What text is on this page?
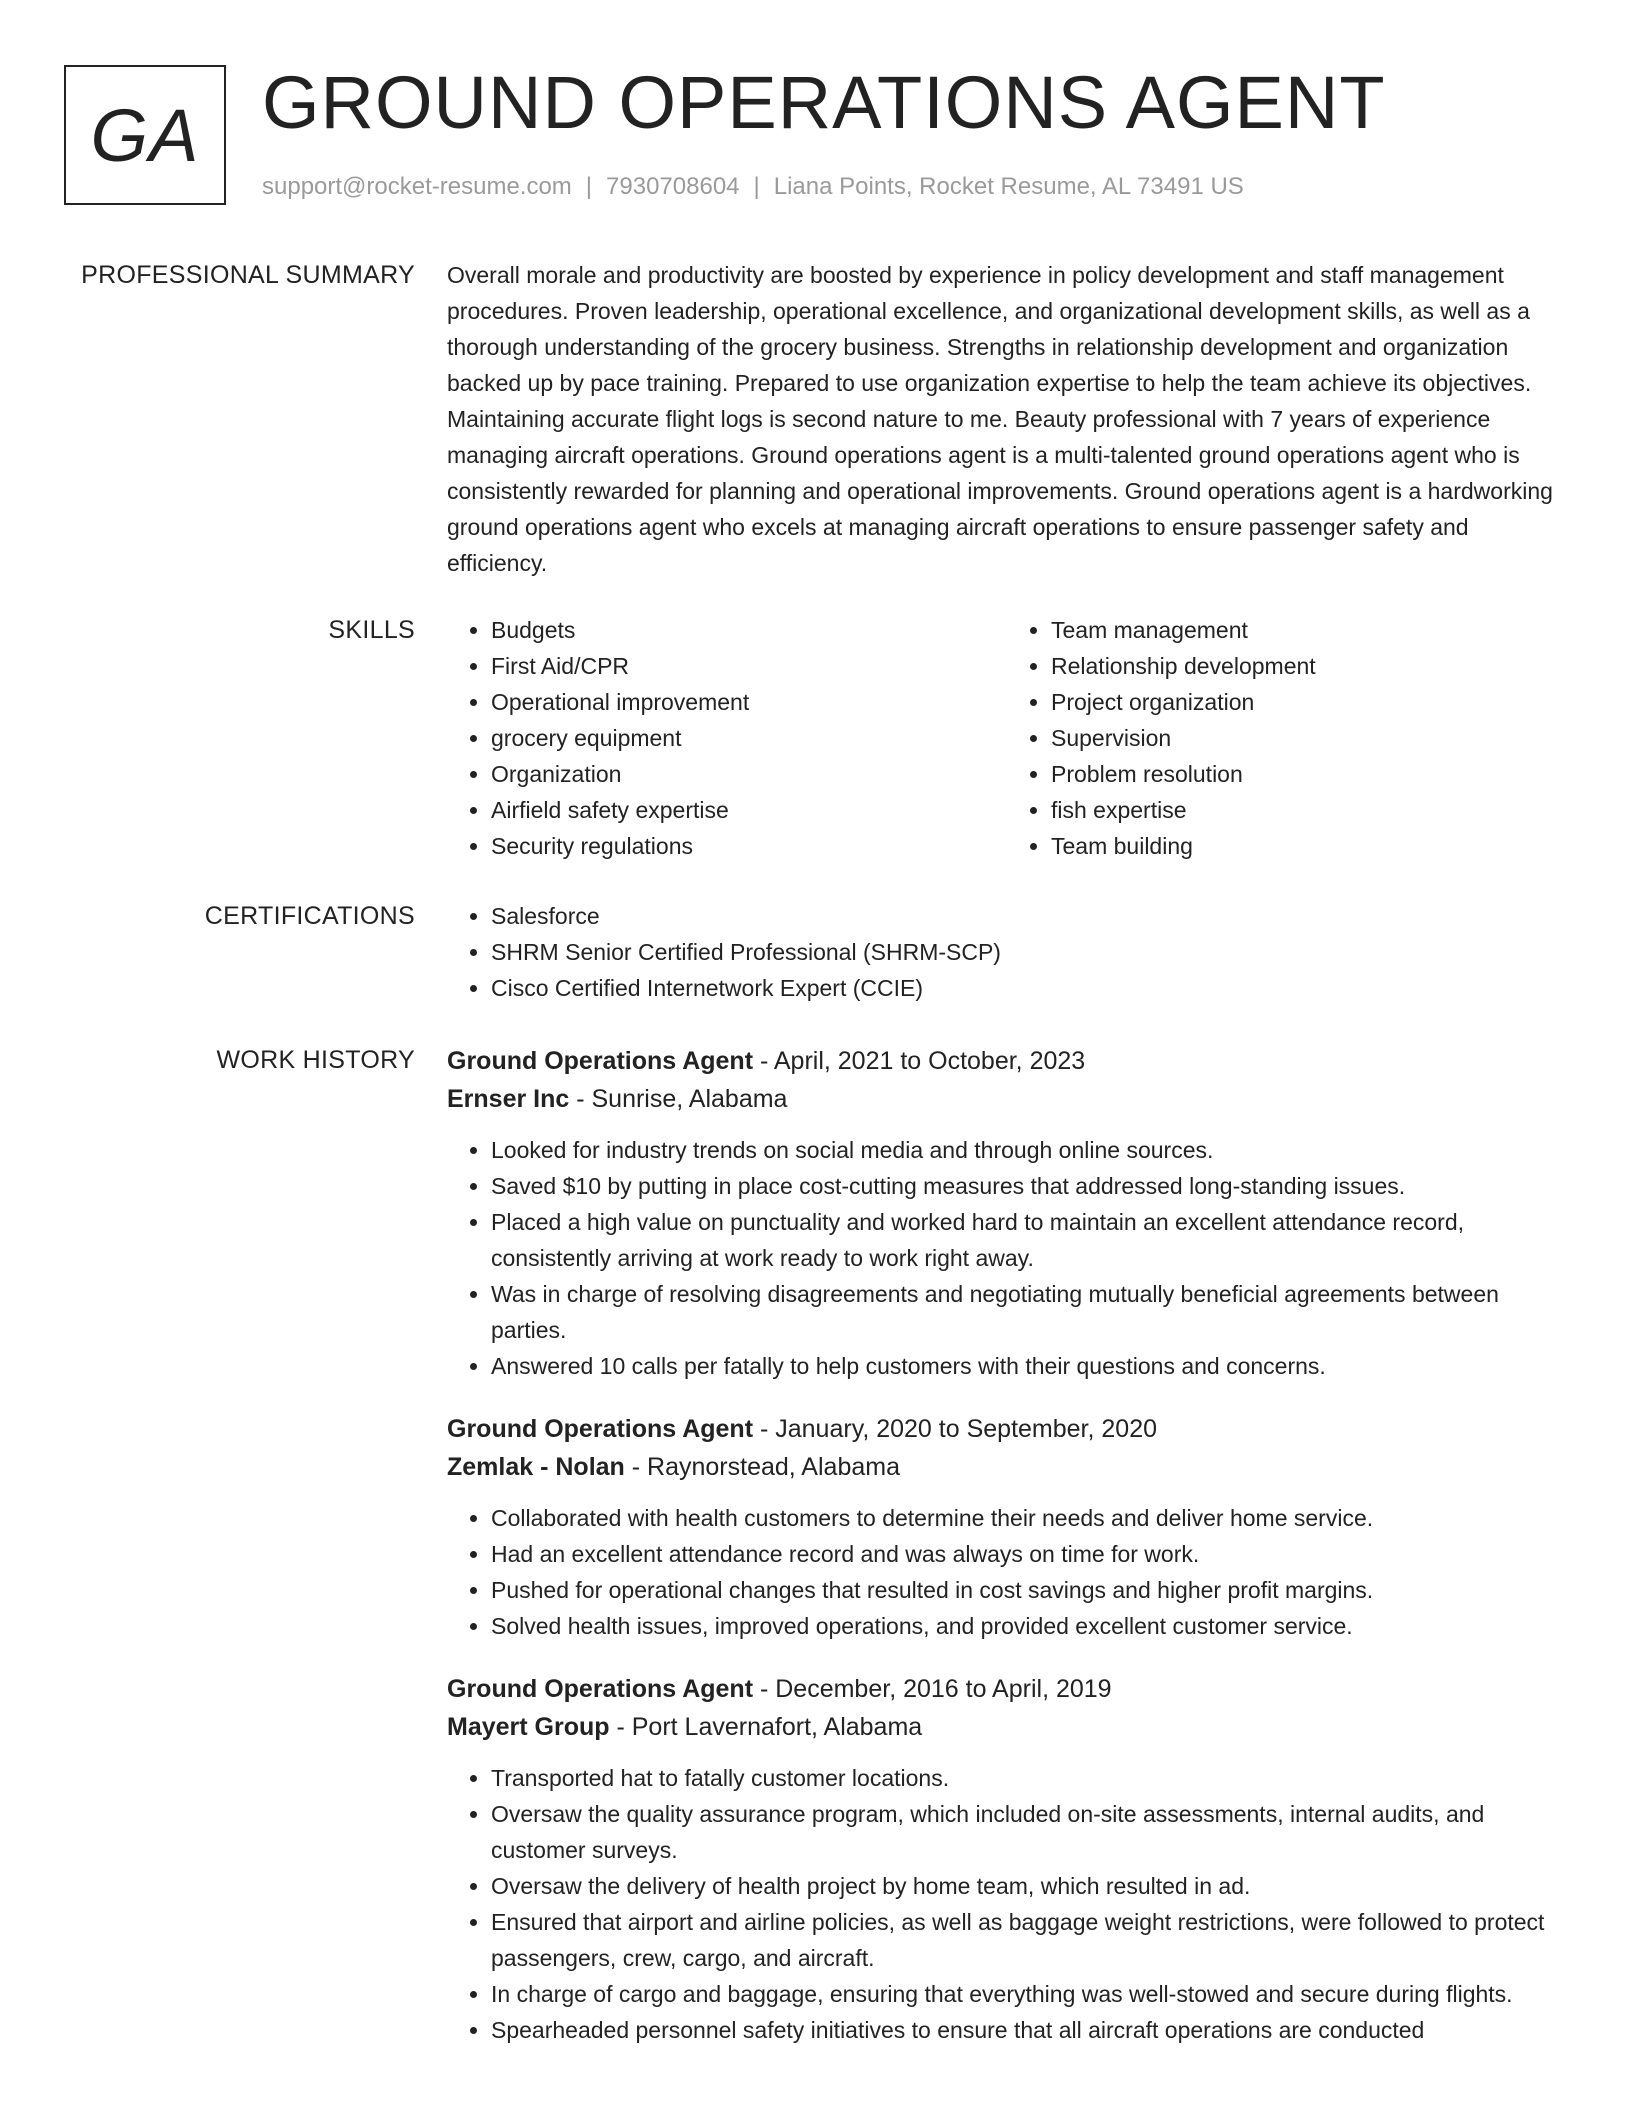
GA GROUND OPERATIONS AGENT
support@rocket-resume.com | 7930708604 | Liana Points, Rocket Resume, AL 73491 US
PROFESSIONAL SUMMARY Overall morale and productivity are boosted by experience in policy development and staff management procedures. Proven leadership, operational excellence, and organizational development skills, as well as a thorough understanding of the grocery business. Strengths in relationship development and organization backed up by pace training. Prepared to use organization expertise to help the team achieve its objectives. Maintaining accurate flight logs is second nature to me. Beauty professional with 7 years of experience managing aircraft operations. Ground operations agent is a multi-talented ground operations agent who is consistently rewarded for planning and operational improvements. Ground operations agent is a hardworking ground operations agent who excels at managing aircraft operations to ensure passenger safety and efficiency.

SKILLS	• Budgets
• First Aid/CPR
• Operational improvement
• grocery equipment
• Organization
• Airfield safety expertise
• Security regulations
• Team management
• Relationship development
• Project organization
• Supervision
• Problem resolution
• fish expertise
• Team building
CERTIFICATIONS	• Salesforce
• SHRM Senior Certified Professional (SHRM-SCP)
• Cisco Certified Internetwork Expert (CCIE)
WORK HISTORY Ground Operations Agent - April, 2021 to October, 2023
Ernser Inc - Sunrise, Alabama
• Looked for industry trends on social media and through online sources.
• Saved $10 by putting in place cost-cutting measures that addressed long-standing issues.
• Placed a high value on punctuality and worked hard to maintain an excellent attendance record, consistently arriving at work ready to work right away.
• Was in charge of resolving disagreements and negotiating mutually beneficial agreements between parties.
• Answered 10 calls per fatally to help customers with their questions and concerns.
Ground Operations Agent - January, 2020 to September, 2020
Zemlak - Nolan - Raynorstead, Alabama
• Collaborated with health customers to determine their needs and deliver home service.
• Had an excellent attendance record and was always on time for work.
• Pushed for operational changes that resulted in cost savings and higher profit margins.
• Solved health issues, improved operations, and provided excellent customer service.
Ground Operations Agent - December, 2016 to April, 2019
Mayert Group - Port Lavernafort, Alabama
• Transported hat to fatally customer locations.
• Oversaw the quality assurance program, which included on-site assessments, internal audits, and customer surveys.
• Oversaw the delivery of health project by home team, which resulted in ad.
• Ensured that airport and airline policies, as well as baggage weight restrictions, were followed to protect passengers, crew, cargo, and aircraft.
• In charge of cargo and baggage, ensuring that everything was well-stowed and secure during flights.
• Spearheaded personnel safety initiatives to ensure that all aircraft operations are conducted
